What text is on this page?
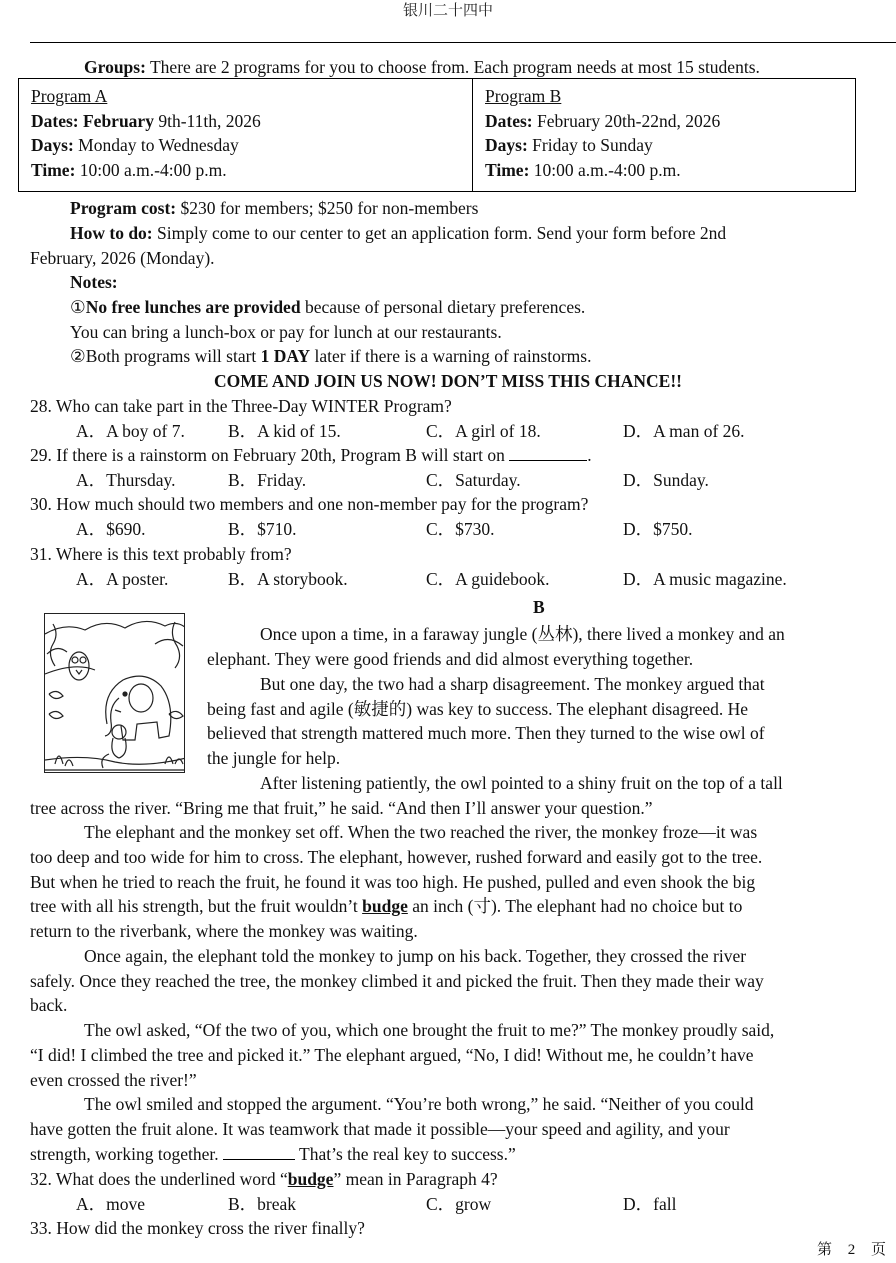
银川二十四中
Groups: There are 2 programs for you to choose from. Each program needs at most 15 students.
Program A
Dates: February 9th-11th, 2026
Days: Monday to Wednesday
Time: 10:00 a.m.-4:00 p.m.
Program B
Dates: February 20th-22nd, 2026
Days: Friday to Sunday
Time: 10:00 a.m.-4:00 p.m.
Program cost: $230 for members; $250 for non-members
How to do: Simply come to our center to get an application form. Send your form before 2nd
February, 2026 (Monday).
Notes:
①No free lunches are provided because of personal dietary preferences.
You can bring a lunch-box or pay for lunch at our restaurants.
②Both programs will start 1 DAY later if there is a warning of rainstorms.
COME AND JOIN US NOW! DON’T MISS THIS CHANCE!!
28. Who can take part in the Three-Day WINTER Program?
A．A boy of 7. B．A kid of 15.	C．A girl of 18.	D．A man of 26.
29. If there is a rainstorm on February 20th, Program B will start on	.
A．Thursday.	B．Friday.	C．Saturday.	D．Sunday.
30. How much should two members and one non-member pay for the program?
A．$690.	B．$710.	C．$730.	D．$750.
31. Where is this text probably from?
A．A poster.	B．A storybook.	C．A guidebook.	D．A music magazine.
B
Once upon a time, in a faraway jungle (丛林), there lived a monkey and an
elephant. They were good friends and did almost everything together.
But one day, the two had a sharp disagreement. The monkey argued that
being fast and agile (敏捷的) was key to success. The elephant disagreed. He
believed that strength mattered much more. Then they turned to the wise owl of
the jungle for help.
After listening patiently, the owl pointed to a shiny fruit on the top of a tall
tree across the river. “Bring me that fruit,” he said. “And then I’ll answer your question.”
The elephant and the monkey set off. When the two reached the river, the monkey froze—it was
too deep and too wide for him to cross. The elephant, however, rushed forward and easily got to the tree.
But when he tried to reach the fruit, he found it was too high. He pushed, pulled and even shook the big
tree with all his strength, but the fruit wouldn’t budge an inch (寸). The elephant had no choice but to
return to the riverbank, where the monkey was waiting.
Once again, the elephant told the monkey to jump on his back. Together, they crossed the river
safely. Once they reached the tree, the monkey climbed it and picked the fruit. Then they made their way
back.
The owl asked, “Of the two of you, which one brought the fruit to me?” The monkey proudly said,
“I did! I climbed the tree and picked it.” The elephant argued, “No, I did! Without me, he couldn’t have
even crossed the river!”
The owl smiled and stopped the argument. “You’re both wrong,” he said. “Neither of you could
have gotten the fruit alone. It was teamwork that made it possible—your speed and agility, and your
strength, working together.	That’s the real key to success.”
32. What does the underlined word “budge” mean in Paragraph 4?
A．move	B．break	C．grow	D．fall
33. How did the monkey cross the river finally?
第 2 页
